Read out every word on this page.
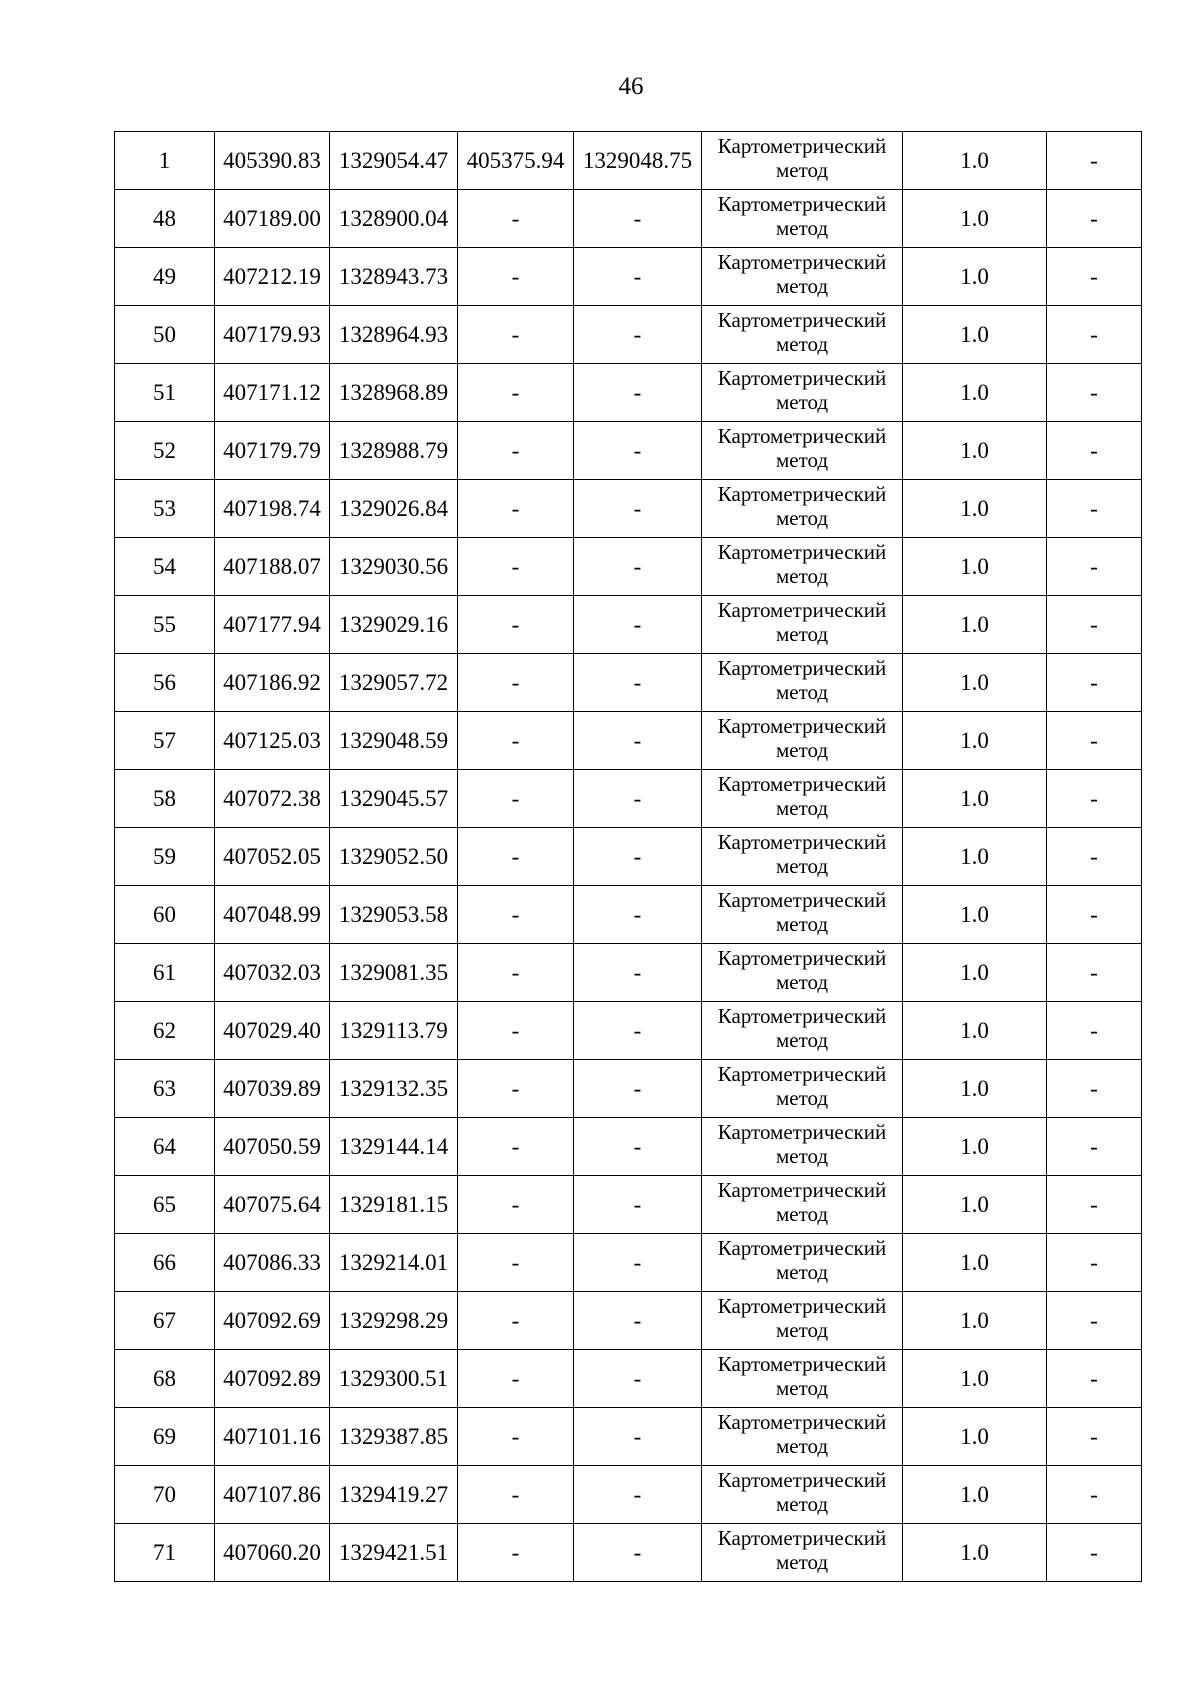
46
1	405390.83	1329054.47	405375.94	1329048.75	Картометрический
метод	1.0	-
48	407189.00	1328900.04	-	-	Картометрический
метод	1.0	-
49	407212.19	1328943.73	-	-	Картометрический
метод	1.0	-
50	407179.93	1328964.93	-	-	Картометрический
метод	1.0	-
51	407171.12	1328968.89	-	-	Картометрический
метод	1.0	-
52	407179.79	1328988.79	-	-	Картометрический
метод	1.0	-
53	407198.74	1329026.84	-	-	Картометрический
метод	1.0	-
54	407188.07	1329030.56	-	-	Картометрический
метод	1.0	-
55	407177.94	1329029.16	-	-	Картометрический
метод	1.0	-
56	407186.92	1329057.72	-	-	Картометрический
метод	1.0	-
57	407125.03	1329048.59	-	-	Картометрический
метод	1.0	-
58	407072.38	1329045.57	-	-	Картометрический
метод	1.0	-
59	407052.05	1329052.50	-	-	Картометрический
метод	1.0	-
60	407048.99	1329053.58	-	-	Картометрический
метод	1.0	-
61	407032.03	1329081.35	-	-	Картометрический
метод	1.0	-
62	407029.40	1329113.79	-	-	Картометрический
метод	1.0	-
63	407039.89	1329132.35	-	-	Картометрический
метод	1.0	-
64	407050.59	1329144.14	-	-	Картометрический
метод	1.0	-
65	407075.64	1329181.15	-	-	Картометрический
метод	1.0	-
66	407086.33	1329214.01	-	-	Картометрический
метод	1.0	-
67	407092.69	1329298.29	-	-	Картометрический
метод	1.0	-
68	407092.89	1329300.51	-	-	Картометрический
метод	1.0	-
69	407101.16	1329387.85	-	-	Картометрический
метод	1.0	-
70	407107.86	1329419.27	-	-	Картометрический
метод	1.0	-
71	407060.20	1329421.51	-	-	Картометрический
метод	1.0	-
